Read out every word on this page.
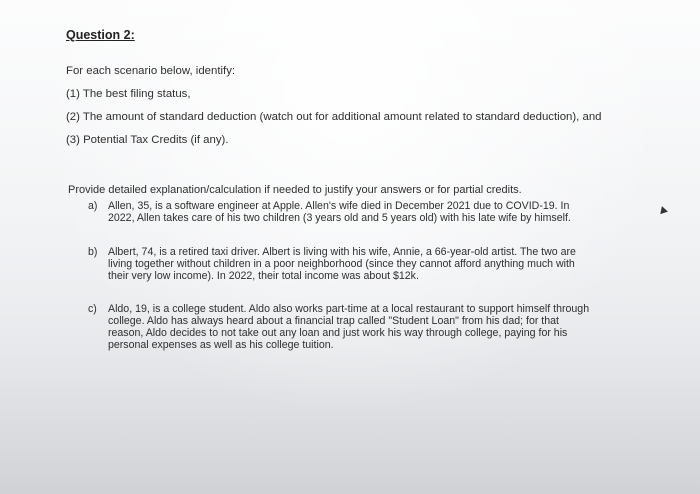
Question 2:
For each scenario below, identify:
(1) The best filing status,
(2) The amount of standard deduction (watch out for additional amount related to standard deduction), and
(3) Potential Tax Credits (if any).
Provide detailed explanation/calculation if needed to justify your answers or for partial credits.
a) Allen, 35, is a software engineer at Apple. Allen's wife died in December 2021 due to COVID-19. In
2022, Allen takes care of his two children (3 years old and 5 years old) with his late wife by himself.
b) Albert, 74, is a retired taxi driver. Albert is living with his wife, Annie, a 66-year-old artist. The two are
living together without children in a poor neighborhood (since they cannot afford anything much with
their very low income). In 2022, their total income was about $12k.
c)	Aldo, 19, is a college student. Aldo also works part-time at a local restaurant to support himself through
college. Aldo has always heard about a financial trap called "Student Loan" from his dad; for that
reason, Aldo decides to not take out any loan and just work his way through college, paying for his
personal expenses as well as his college tuition.
